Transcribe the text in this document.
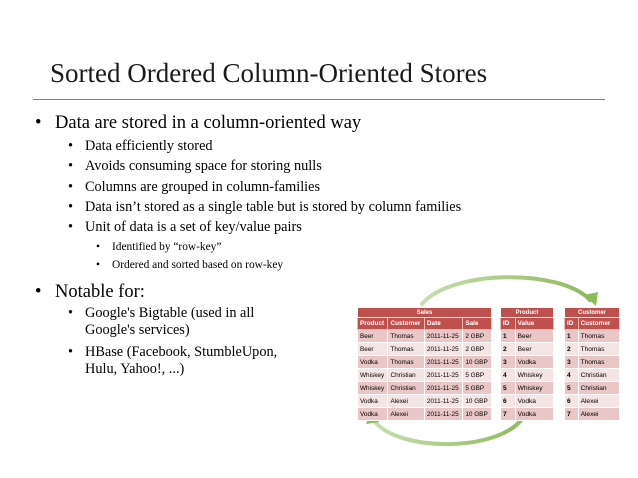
Sorted Ordered Column-Oriented Stores
• Data are stored in a column-oriented way
• Data efficiently stored
• Avoids consuming space for storing nulls
• Columns are grouped in column-families
• Data isn’t stored as a single table but is stored by column families
• Unit of data is a set of key/value pairs
• Identified by “row-key”
• Ordered and sorted based on row-key
• Notable for:
• Google's Bigtable (used in all
Google's services)
• HBase (Facebook, StumbleUpon,
Hulu, Yahoo!, ...)
Sales			
Product	Customer	Date	Sale
Beer	Thomas	2011-11-25	2 GBP
Beer	Thomas	2011-11-25	2 GBP
Vodka	Thomas	2011-11-25	10 GBP
Whiskey	Christian	2011-11-25	5 GBP
Whiskey	Christian	2011-11-25	5 GBP
Vodka	Alexei	2011-11-25	10 GBP
Vodka	Alexei	2011-11-25	10 GBP
Product	
ID	Value
1	Beer
2	Beer
3	Vodka
4	Whiskey
5	Whiskey
6	Vodka
7	Vodka
Customer	
ID	Customer
1	Thomas
2	Thomas
3	Thomas
4	Christian
5	Christian
6	Alexei
7	Alexei
